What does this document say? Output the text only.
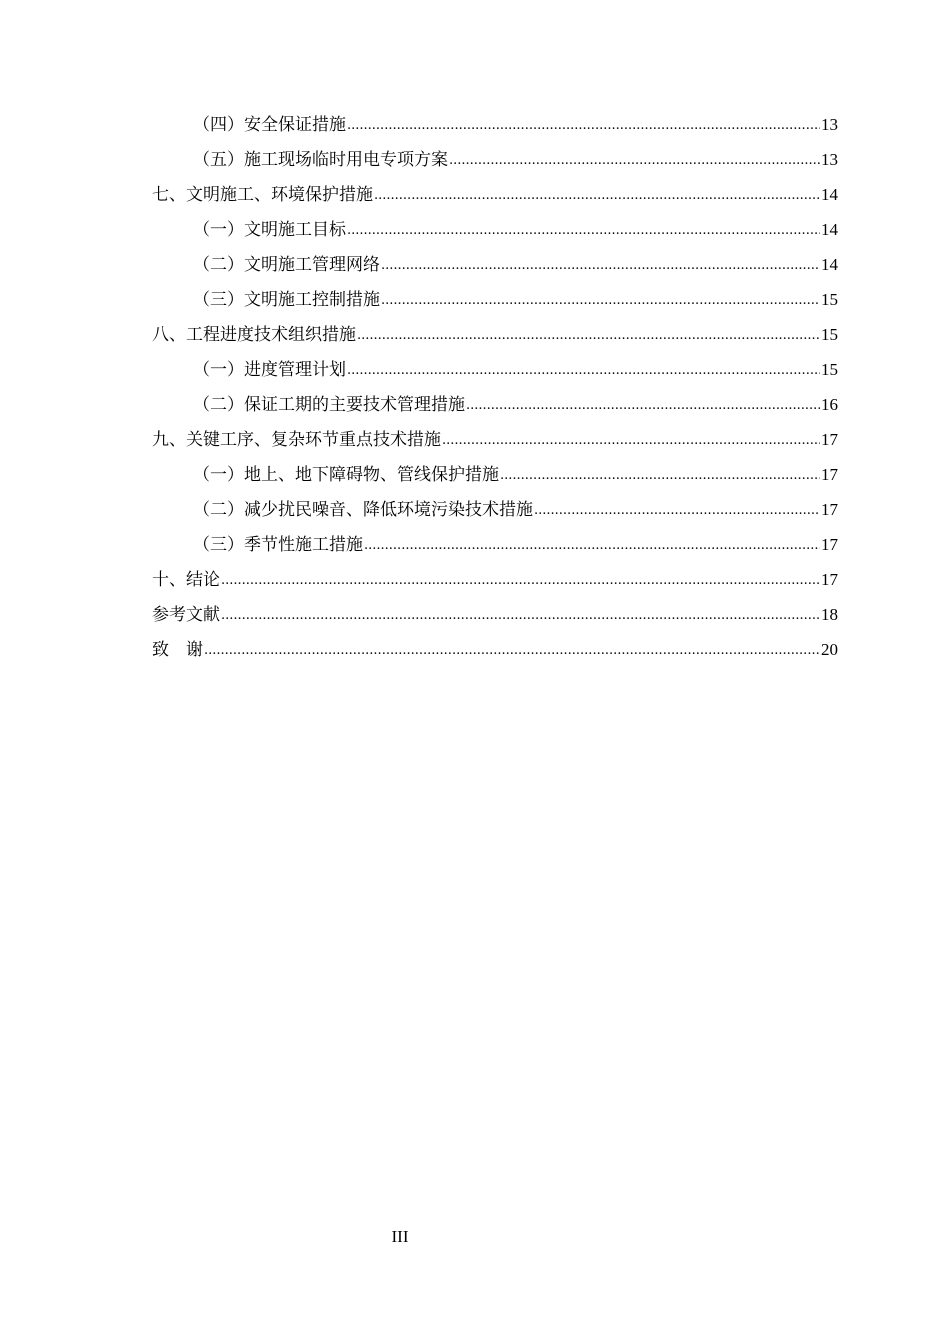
（四）安全保证措施 .....	13
（五）施工现场临时用电专项方案 .....	13
七、文明施工、环境保护措施 .....	14
（一）文明施工目标 .....	14
（二）文明施工管理网络 .....	14
（三）文明施工控制措施 .....	15
八、工程进度技术组织措施 .....	15
（一）进度管理计划 .....	15
（二）保证工期的主要技术管理措施 .....	16
九、关键工序、复杂环节重点技术措施 .....	17
（一）地上、地下障碍物、管线保护措施 .....	17
（二）减少扰民噪音、降低环境污染技术措施 .....	17
（三）季节性施工措施 .....	17
十、结论 .....	17
参考文献 .....	18
致　谢 .....	20
III
